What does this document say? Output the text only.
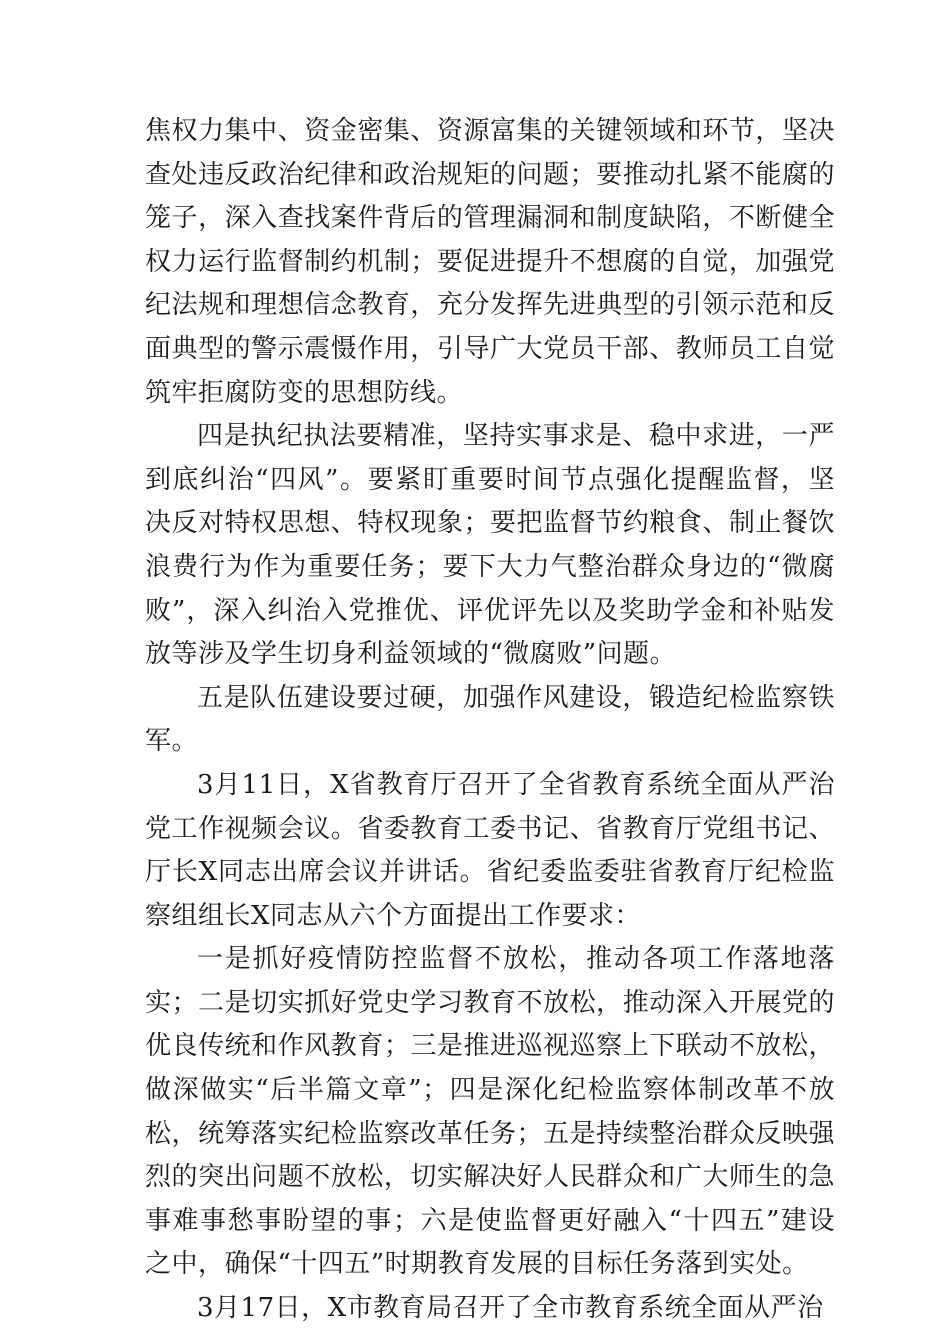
焦权力集中、资金密集、资源富集的关键领域和环节，坚决查处违反政治纪律和政治规矩的问题；要推动扎紧不能腐的笼子，深入查找案件背后的管理漏洞和制度缺陷，不断健全权力运行监督制约机制；要促进提升不想腐的自觉，加强党纪法规和理想信念教育，充分发挥先进典型的引领示范和反面典型的警示震慑作用，引导广大党员干部、教师员工自觉筑牢拒腐防变的思想防线。

四是执纪执法要精准，坚持实事求是、稳中求进，一严到底纠治“四风”。要紧盯重要时间节点强化提醒监督，坚决反对特权思想、特权现象；要把监督节约粮食、制止餐饮浪费行为作为重要任务；要下大力气整治群众身边的“微腐败”，深入纠治入党推优、评优评先以及奖助学金和补贴发放等涉及学生切身利益领域的“微腐败”问题。

五是队伍建设要过硬，加强作风建设，锻造纪检监察铁军。

3月11日，X省教育厅召开了全省教育系统全面从严治党工作视频会议。省委教育工委书记、省教育厅党组书记、厅长X同志出席会议并讲话。省纪委监委驻省教育厅纪检监察组组长X同志从六个方面提出工作要求：

一是抓好疫情防控监督不放松，推动各项工作落地落实；二是切实抓好党史学习教育不放松，推动深入开展党的优良传统和作风教育；三是推进巡视巡察上下联动不放松，做深做实“后半篇文章”；四是深化纪检监察体制改革不放松，统筹落实纪检监察改革任务；五是持续整治群众反映强烈的突出问题不放松，切实解决好人民群众和广大师生的急事难事愁事盼望的事；六是使监督更好融入“十四五”建设之中，确保“十四五”时期教育发展的目标任务落到实处。

3月17日，X市教育局召开了全市教育系统全面从严治
